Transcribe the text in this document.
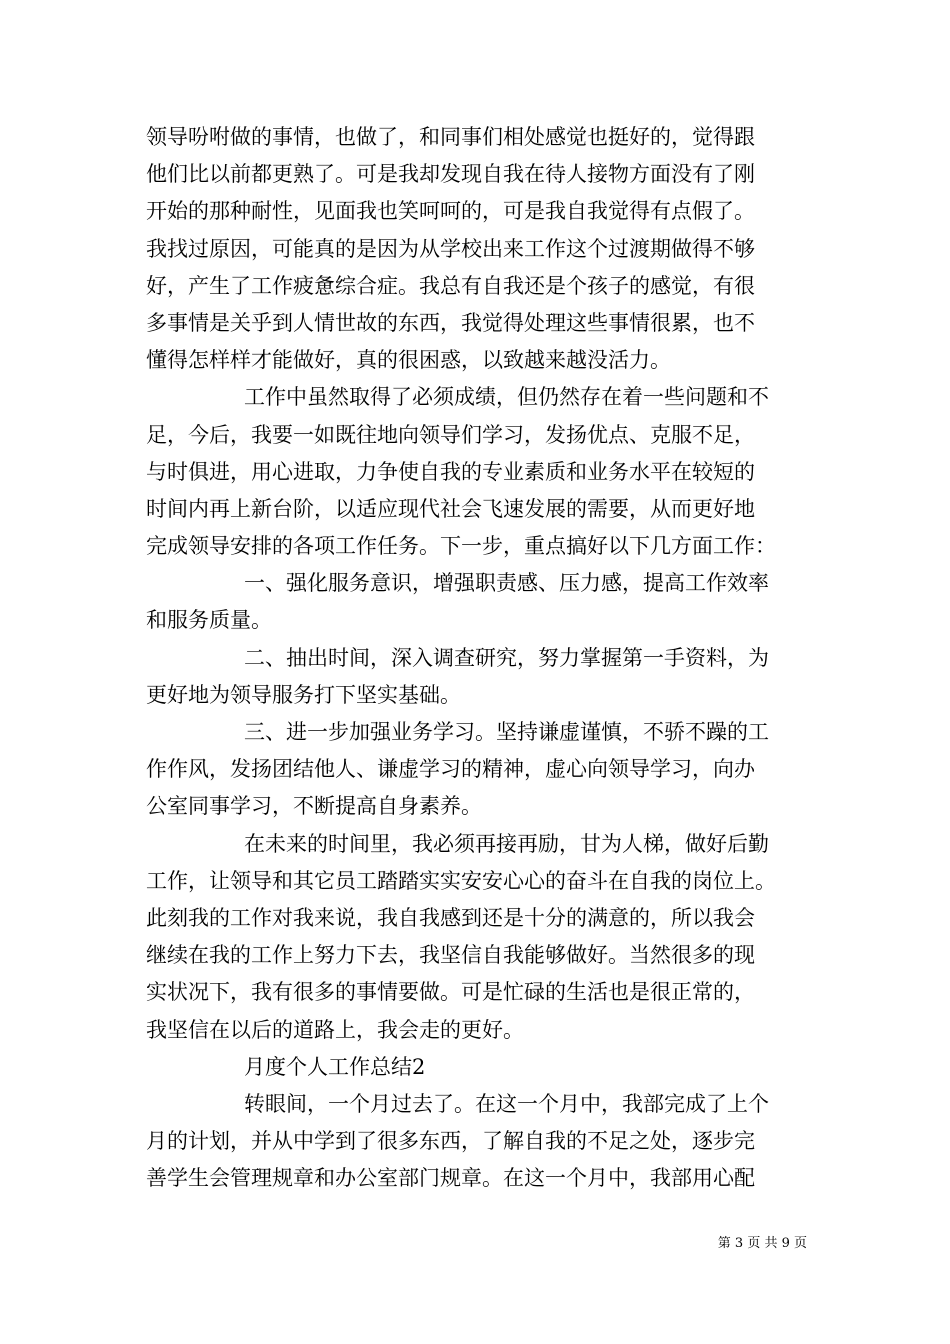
领导吩咐做的事情，也做了，和同事们相处感觉也挺好的，觉得跟
他们比以前都更熟了。可是我却发现自我在待人接物方面没有了刚
开始的那种耐性，见面我也笑呵呵的，可是我自我觉得有点假了。
我找过原因，可能真的是因为从学校出来工作这个过渡期做得不够
好，产生了工作疲惫综合症。我总有自我还是个孩子的感觉，有很
多事情是关乎到人情世故的东西，我觉得处理这些事情很累，也不
懂得怎样样才能做好，真的很困惑，以致越来越没活力。
工作中虽然取得了必须成绩，但仍然存在着一些问题和不
足，今后，我要一如既往地向领导们学习，发扬优点、克服不足，
与时俱进，用心进取，力争使自我的专业素质和业务水平在较短的
时间内再上新台阶，以适应现代社会飞速发展的需要，从而更好地
完成领导安排的各项工作任务。下一步，重点搞好以下几方面工作：
一、强化服务意识，增强职责感、压力感，提高工作效率
和服务质量。
二、抽出时间，深入调查研究，努力掌握第一手资料，为
更好地为领导服务打下坚实基础。
三、进一步加强业务学习。坚持谦虚谨慎，不骄不躁的工
作作风，发扬团结他人、谦虚学习的精神，虚心向领导学习，向办
公室同事学习，不断提高自身素养。
在未来的时间里，我必须再接再励，甘为人梯，做好后勤
工作，让领导和其它员工踏踏实实安安心心的奋斗在自我的岗位上。
此刻我的工作对我来说，我自我感到还是十分的满意的，所以我会
继续在我的工作上努力下去，我坚信自我能够做好。当然很多的现
实状况下，我有很多的事情要做。可是忙碌的生活也是很正常的，
我坚信在以后的道路上，我会走的更好。
月度个人工作总结2
转眼间，一个月过去了。在这一个月中，我部完成了上个
月的计划，并从中学到了很多东西，了解自我的不足之处，逐步完
善学生会管理规章和办公室部门规章。在这一个月中，我部用心配
第 3 页 共 9 页
